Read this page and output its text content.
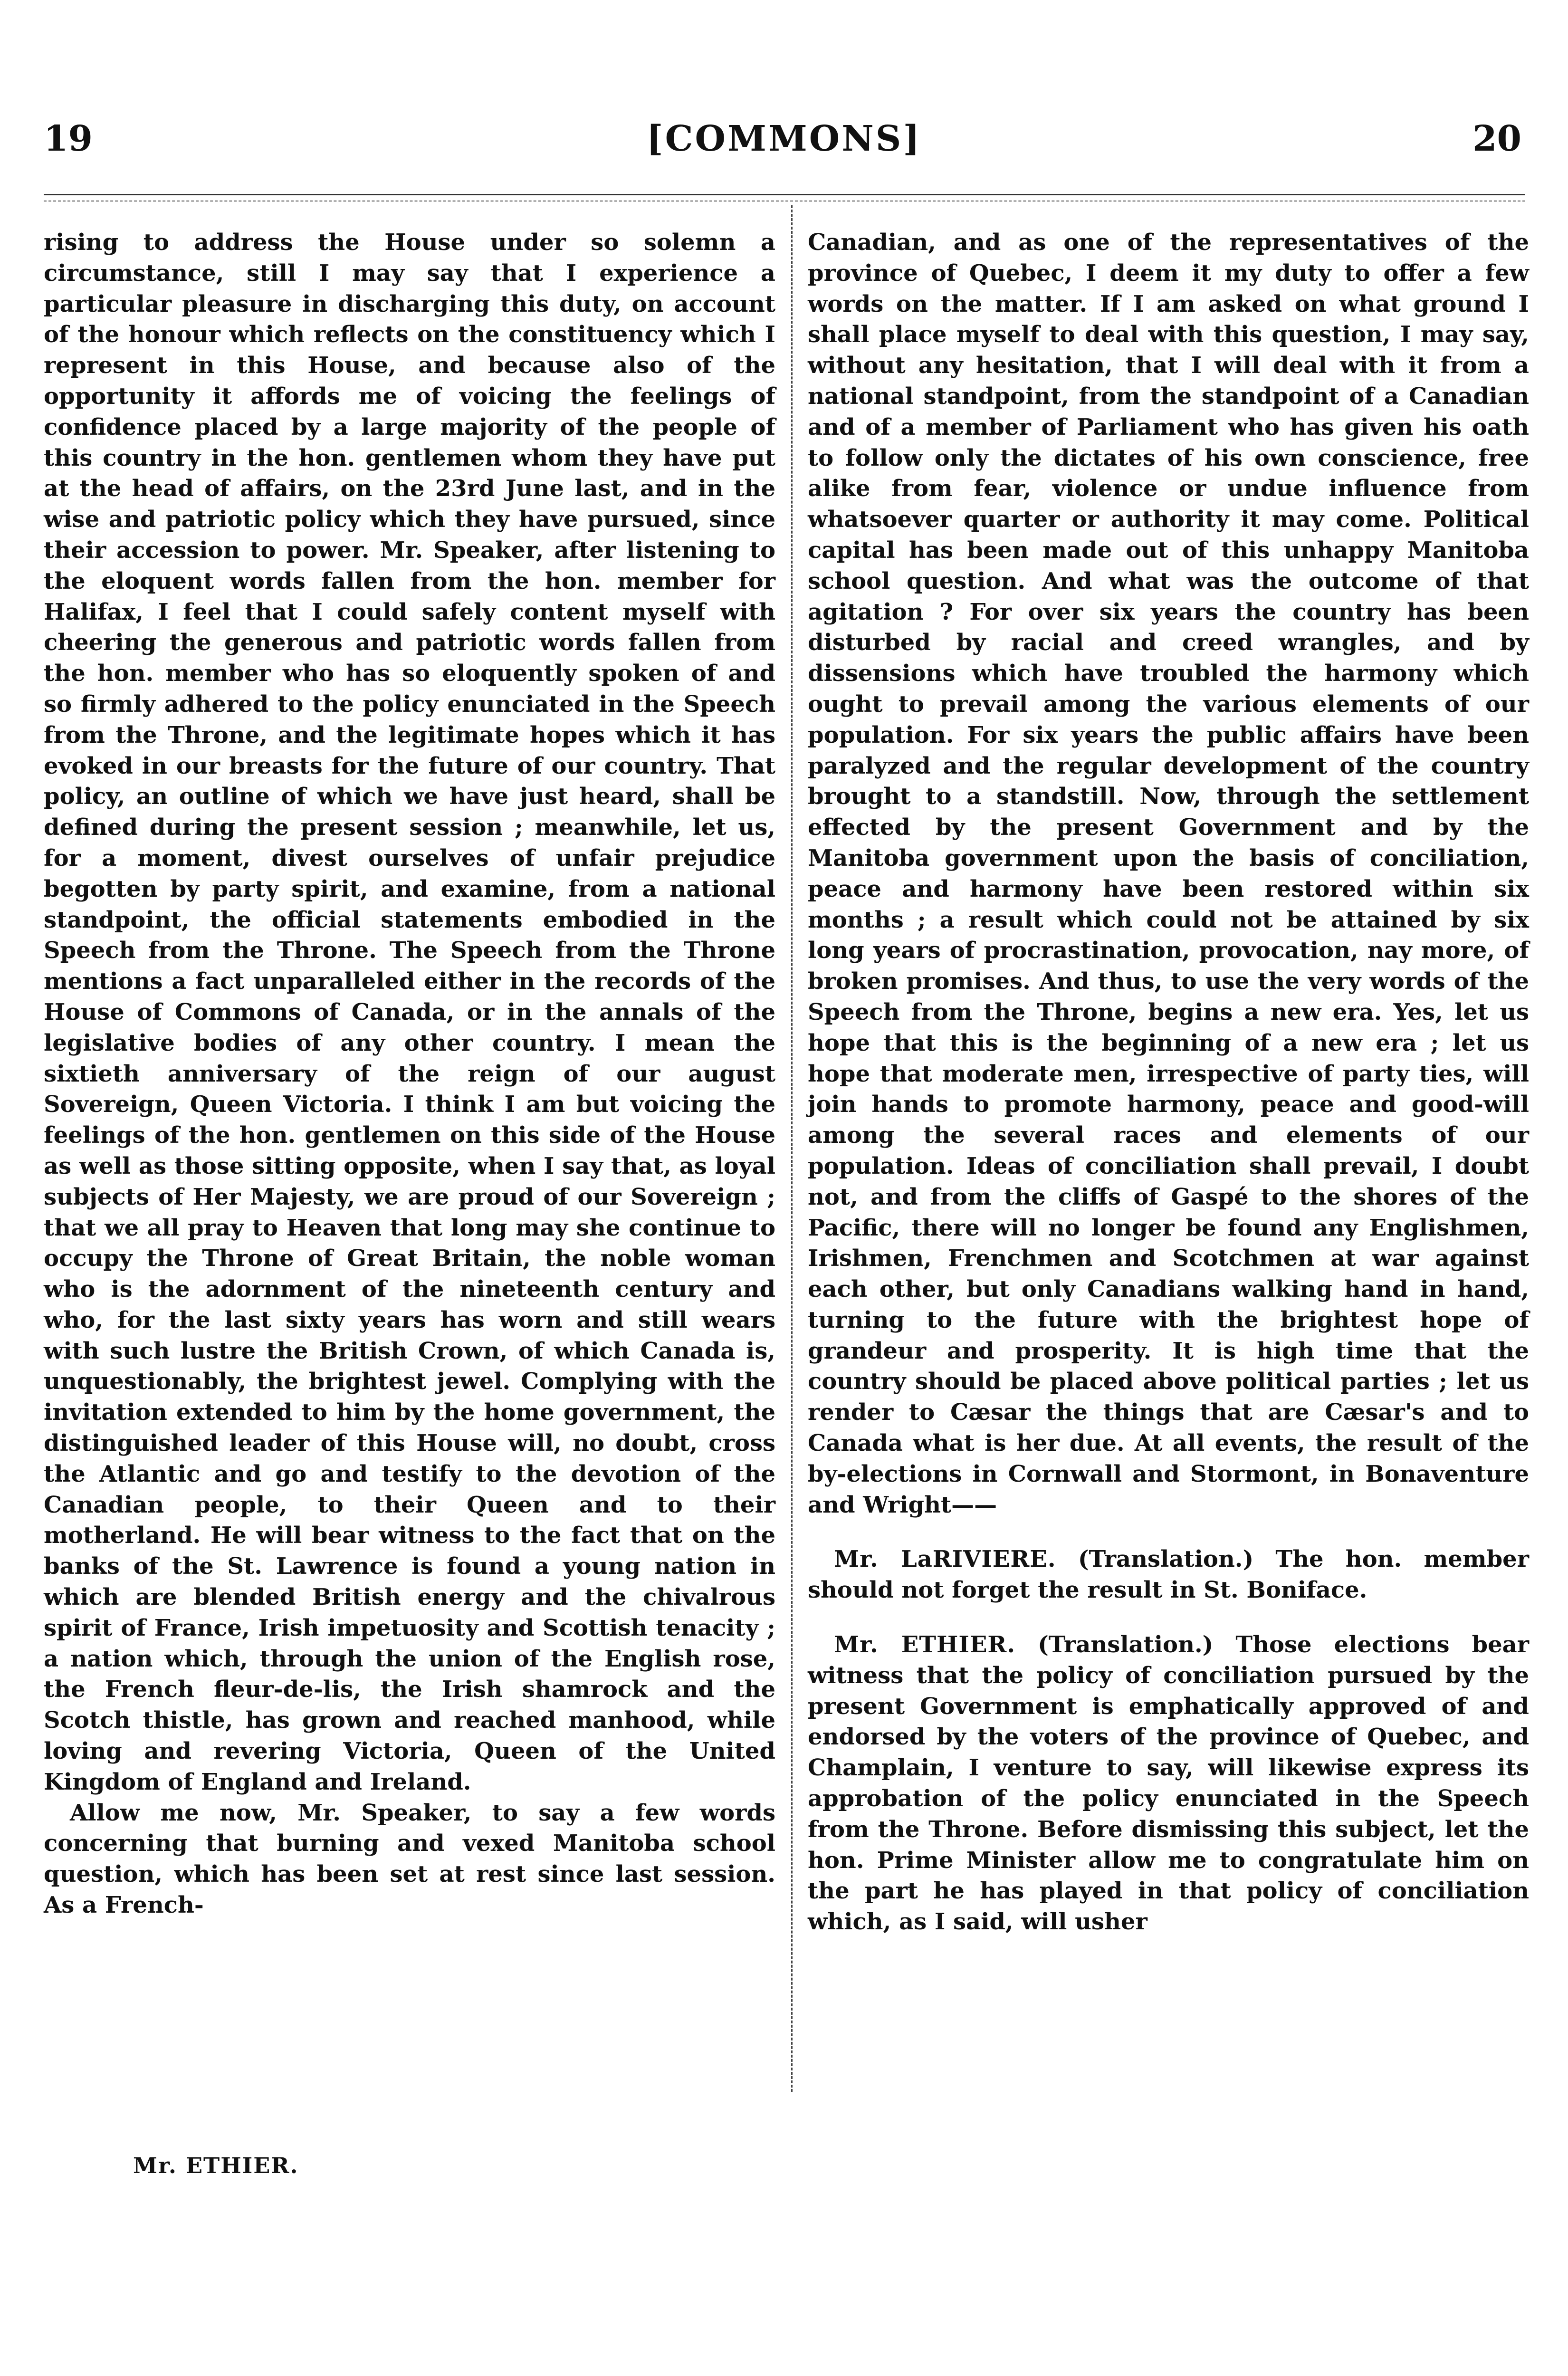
19	[COMMONS]	20

rising to address the House under so solemn a circumstance, still I may say that I experience a particular pleasure in discharging this duty, on account of the honour which reflects on the constituency which I represent in this House, and because also of the opportunity it affords me of voicing the feelings of confidence placed by a large majority of the people of this country in the hon. gentlemen whom they have put at the head of affairs, on the 23rd June last, and in the wise and patriotic policy which they have pursued, since their accession to power. Mr. Speaker, after listening to the eloquent words fallen from the hon. member for Halifax, I feel that I could safely content myself with cheering the generous and patriotic words fallen from the hon. member who has so eloquently spoken of and so firmly adhered to the policy enunciated in the Speech from the Throne, and the legitimate hopes which it has evoked in our breasts for the future of our country. That policy, an outline of which we have just heard, shall be defined during the present session ; meanwhile, let us, for a moment, divest ourselves of unfair prejudice begotten by party spirit, and examine, from a national standpoint, the official statements embodied in the Speech from the Throne. The Speech from the Throne mentions a fact unparalleled either in the records of the House of Commons of Canada, or in the annals of the legislative bodies of any other country. I mean the sixtieth anniversary of the reign of our august Sovereign, Queen Victoria. I think I am but voicing the feelings of the hon. gentlemen on this side of the House as well as those sitting opposite, when I say that, as loyal subjects of Her Majesty, we are proud of our Sovereign ; that we all pray to Heaven that long may she continue to occupy the Throne of Great Britain, the noble woman who is the adornment of the nineteenth century and who, for the last sixty years has worn and still wears with such lustre the British Crown, of which Canada is, unquestionably, the brightest jewel. Complying with the invitation extended to him by the home government, the distinguished leader of this House will, no doubt, cross the Atlantic and go and testify to the devotion of the Canadian people, to their Queen and to their motherland. He will bear witness to the fact that on the banks of the St. Lawrence is found a young nation in which are blended British energy and the chivalrous spirit of France, Irish impetuosity and Scottish tenacity ; a nation which, through the union of the English rose, the French fleur-de-lis, the Irish shamrock and the Scotch thistle, has grown and reached manhood, while loving and revering Victoria, Queen of the United Kingdom of England and Ireland.

Allow me now, Mr. Speaker, to say a few words concerning that burning and vexed Manitoba school question, which has been set at rest since last session. As a French-

Canadian, and as one of the representatives of the province of Quebec, I deem it my duty to offer a few words on the matter. If I am asked on what ground I shall place myself to deal with this question, I may say, without any hesitation, that I will deal with it from a national standpoint, from the standpoint of a Canadian and of a member of Parliament who has given his oath to follow only the dictates of his own conscience, free alike from fear, violence or undue influence from whatsoever quarter or authority it may come. Political capital has been made out of this unhappy Manitoba school question. And what was the outcome of that agitation ? For over six years the country has been disturbed by racial and creed wrangles, and by dissensions which have troubled the harmony which ought to prevail among the various elements of our population. For six years the public affairs have been paralyzed and the regular development of the country brought to a standstill. Now, through the settlement effected by the present Government and by the Manitoba government upon the basis of conciliation, peace and harmony have been restored within six months ; a result which could not be attained by six long years of procrastination, provocation, nay more, of broken promises. And thus, to use the very words of the Speech from the Throne, begins a new era. Yes, let us hope that this is the beginning of a new era ; let us hope that moderate men, irrespective of party ties, will join hands to promote harmony, peace and good-will among the several races and elements of our population. Ideas of conciliation shall prevail, I doubt not, and from the cliffs of Gaspé to the shores of the Pacific, there will no longer be found any Englishmen, Irishmen, Frenchmen and Scotchmen at war against each other, but only Canadians walking hand in hand, turning to the future with the brightest hope of grandeur and prosperity. It is high time that the country should be placed above political parties ; let us render to Cæsar the things that are Cæsar's and to Canada what is her due. At all events, the result of the by-elections in Cornwall and Stormont, in Bonaventure and Wright——

Mr. LaRIVIERE. (Translation.) The hon. member should not forget the result in St. Boniface.

Mr. ETHIER. (Translation.) Those elections bear witness that the policy of conciliation pursued by the present Government is emphatically approved of and endorsed by the voters of the province of Quebec, and Champlain, I venture to say, will likewise express its approbation of the policy enunciated in the Speech from the Throne. Before dismissing this subject, let the hon. Prime Minister allow me to congratulate him on the part he has played in that policy of conciliation which, as I said, will usher

Mr. ETHIER.
